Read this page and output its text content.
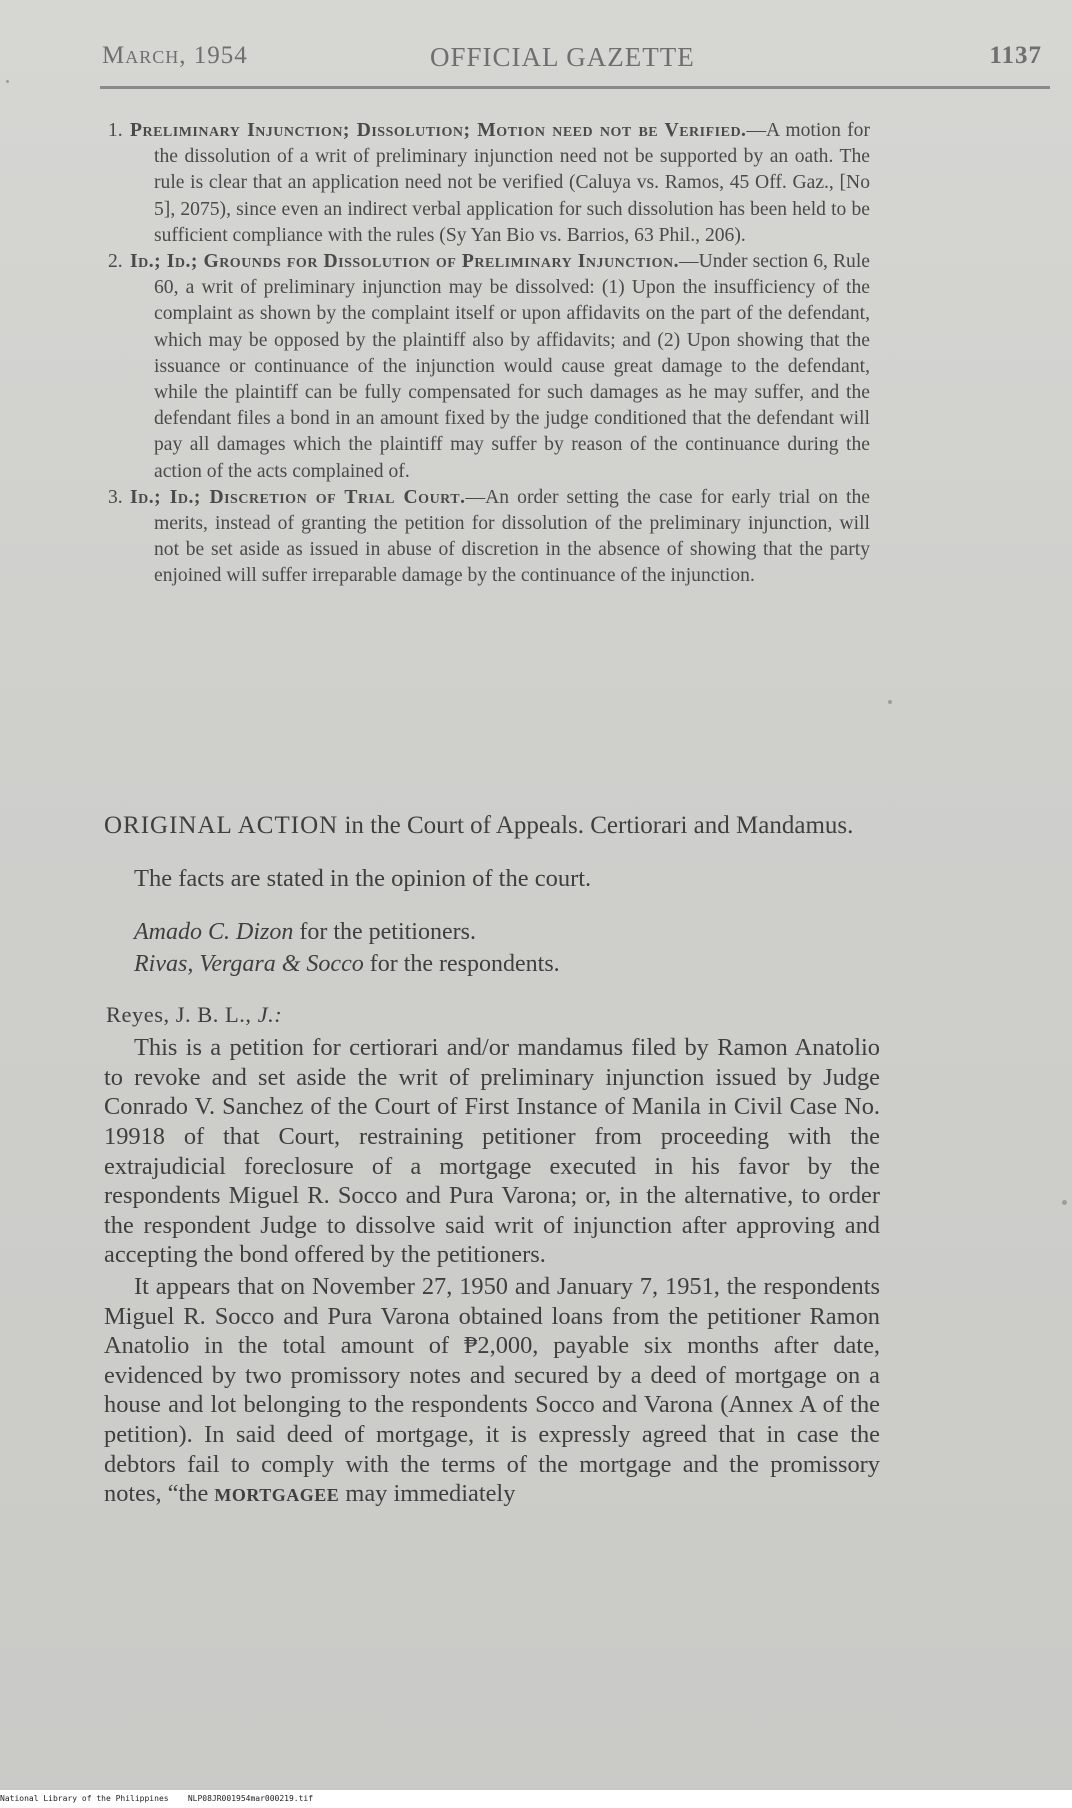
March, 1954	OFFICIAL GAZETTE	1137

1. Preliminary Injunction; Dissolution; Motion need not be Verified.—A motion for the dissolution of a writ of preliminary injunction need not be supported by an oath. The rule is clear that an application need not be verified (Caluya vs. Ramos, 45 Off. Gaz., [No 5], 2075), since even an indirect verbal application for such dissolution has been held to be sufficient compliance with the rules (Sy Yan Bio vs. Barrios, 63 Phil., 206).

2. Id.; Id.; Grounds for Dissolution of Preliminary Injunction.—Under section 6, Rule 60, a writ of preliminary injunction may be dissolved: (1) Upon the insufficiency of the complaint as shown by the complaint itself or upon affidavits on the part of the defendant, which may be opposed by the plaintiff also by affidavits; and (2) Upon showing that the issuance or continuance of the injunction would cause great damage to the defendant, while the plaintiff can be fully compensated for such damages as he may suffer, and the defendant files a bond in an amount fixed by the judge conditioned that the defendant will pay all damages which the plaintiff may suffer by reason of the continuance during the action of the acts complained of.

3. Id.; Id.; Discretion of Trial Court.—An order setting the case for early trial on the merits, instead of granting the petition for dissolution of the preliminary injunction, will not be set aside as issued in abuse of discretion in the absence of showing that the party enjoined will suffer irreparable damage by the continuance of the injunction.

ORIGINAL ACTION in the Court of Appeals. Certiorari and Mandamus.

The facts are stated in the opinion of the court.

Amado C. Dizon for the petitioners.
Rivas, Vergara & Socco for the respondents.

Reyes, J. B. L., J.:

This is a petition for certiorari and/or mandamus filed by Ramon Anatolio to revoke and set aside the writ of preliminary injunction issued by Judge Conrado V. Sanchez of the Court of First Instance of Manila in Civil Case No. 19918 of that Court, restraining petitioner from proceeding with the extrajudicial foreclosure of a mortgage executed in his favor by the respondents Miguel R. Socco and Pura Varona; or, in the alternative, to order the respondent Judge to dissolve said writ of injunction after approving and accepting the bond offered by the petitioners.

It appears that on November 27, 1950 and January 7, 1951, the respondents Miguel R. Socco and Pura Varona obtained loans from the petitioner Ramon Anatolio in the total amount of ₱2,000, payable six months after date, evidenced by two promissory notes and secured by a deed of mortgage on a house and lot belonging to the respondents Socco and Varona (Annex A of the petition). In said deed of mortgage, it is expressly agreed that in case the debtors fail to comply with the terms of the mortgage and the promissory notes, “the MORTGAGEE may immediately

National Library of the Philippines    NLP08JR001954mar000219.tif
